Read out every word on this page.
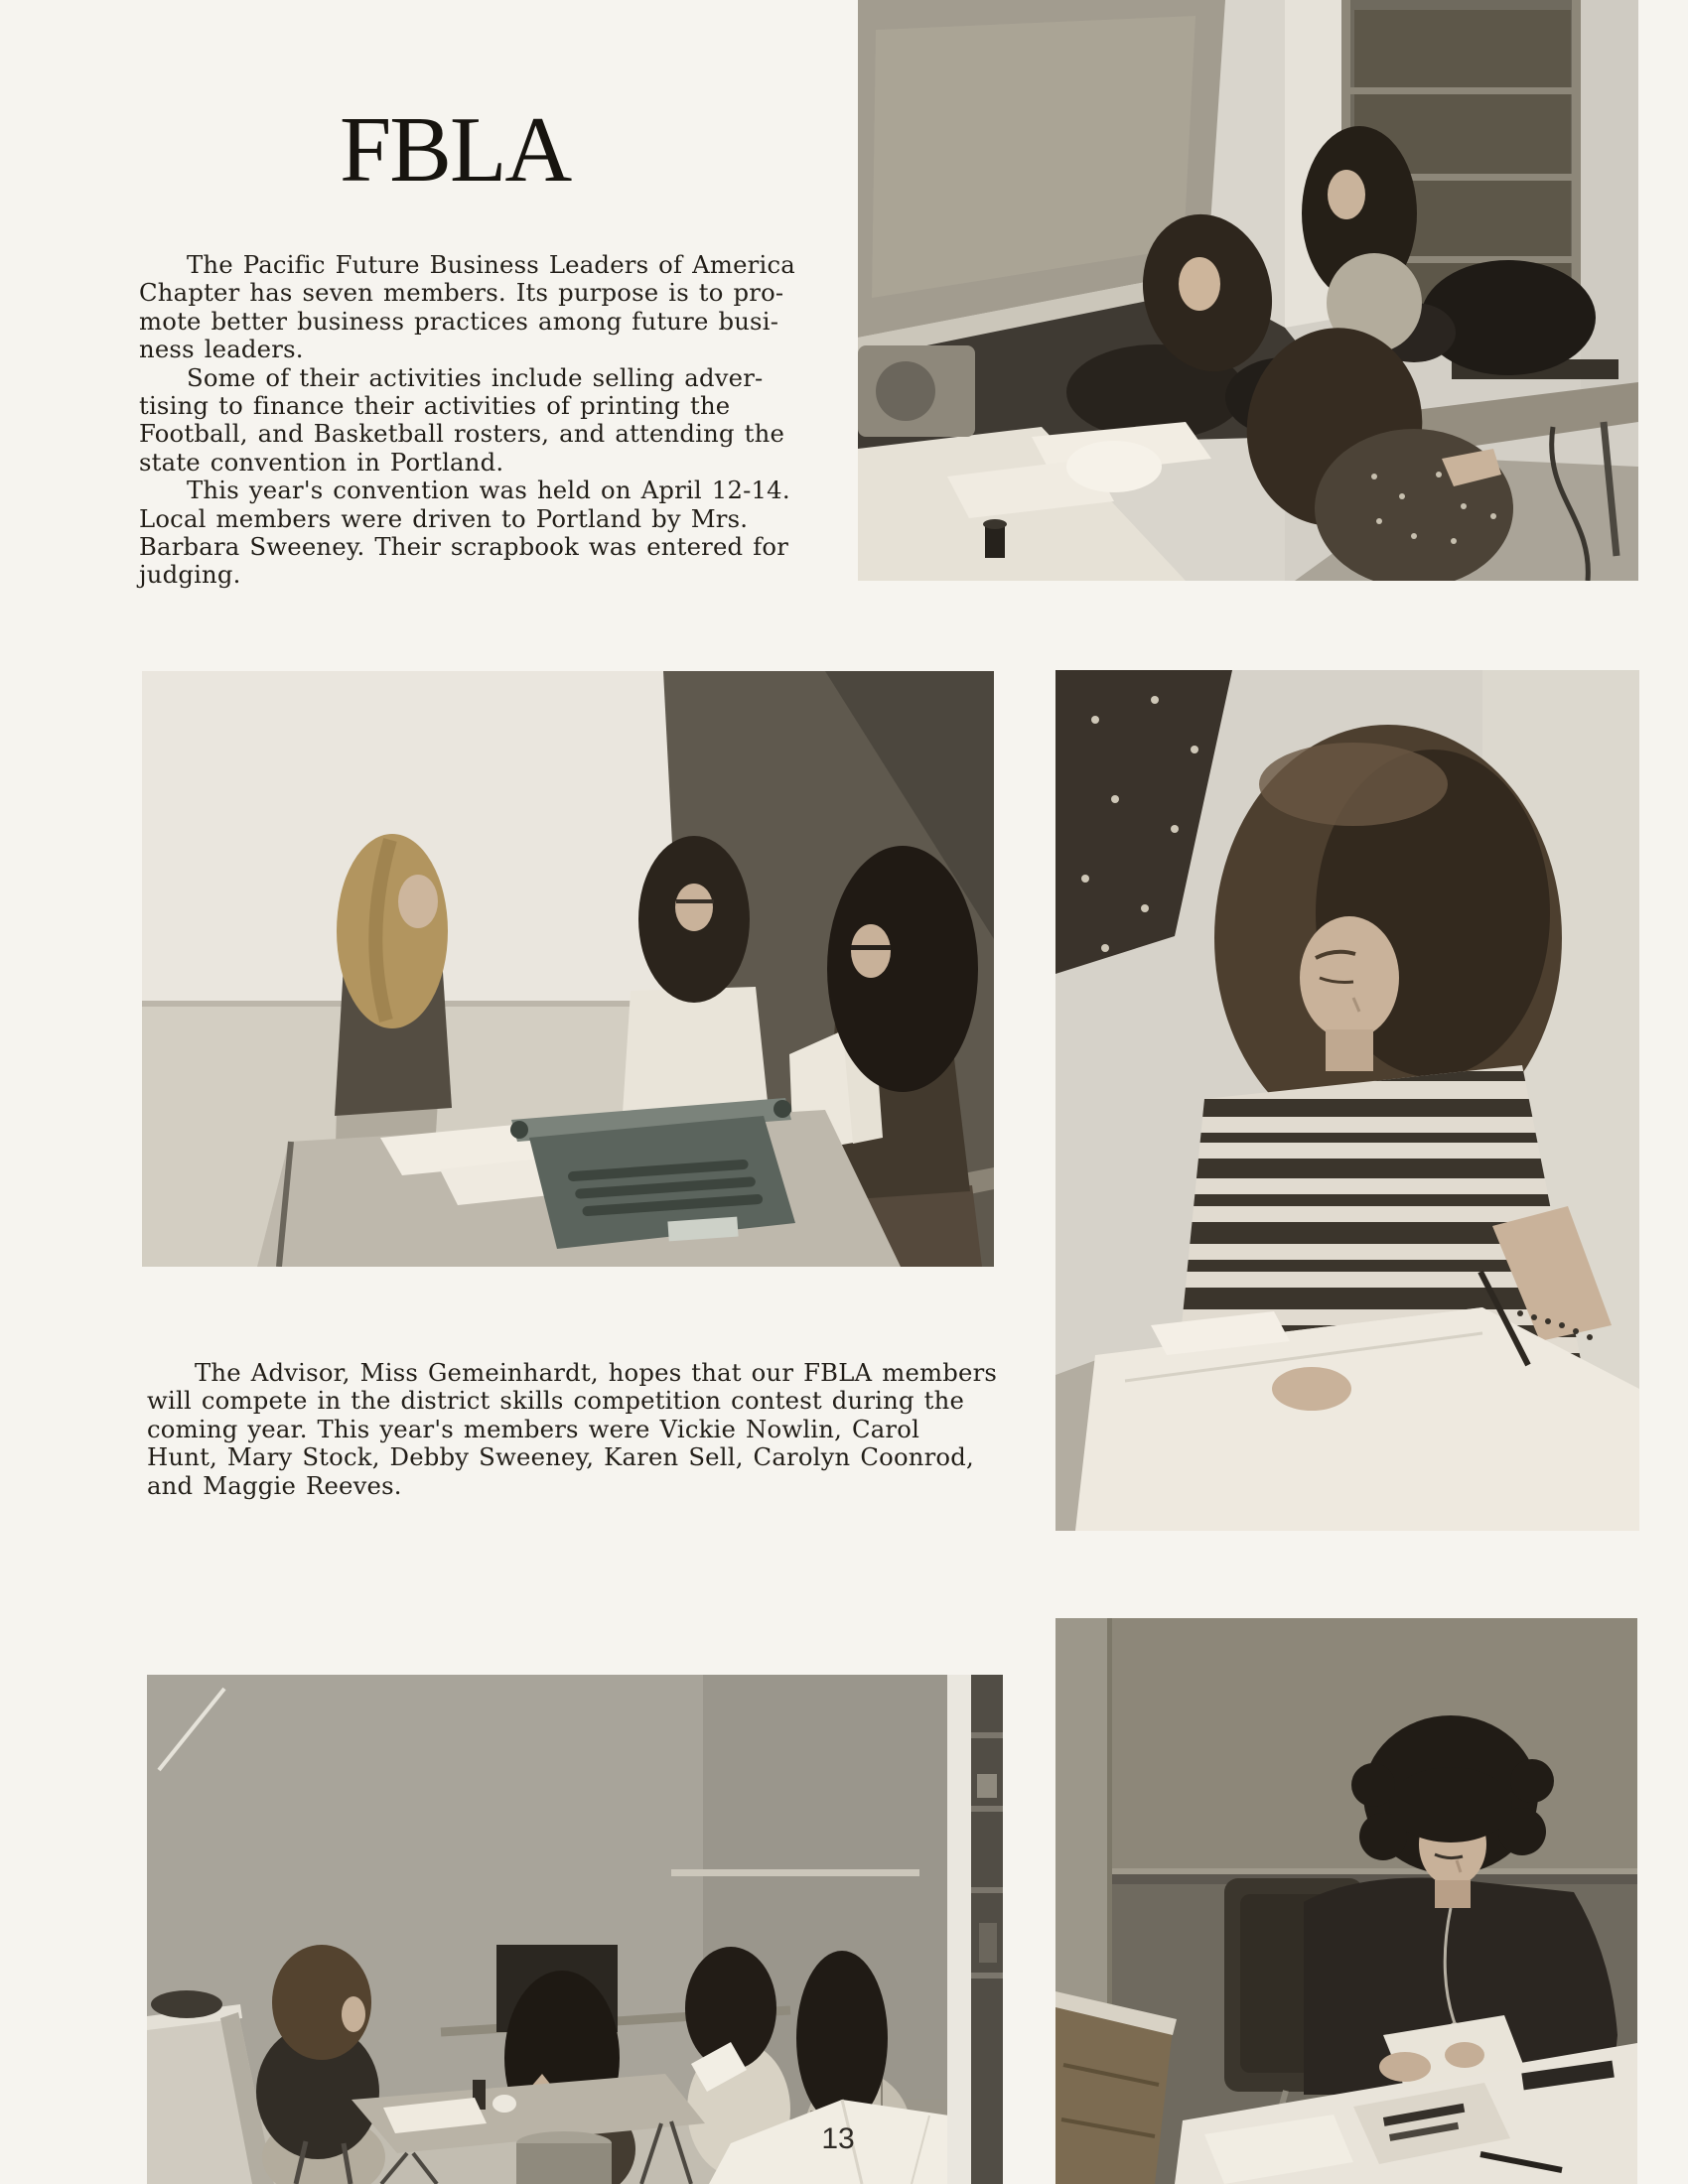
FBLA
The Pacific Future Business Leaders of America
Chapter has seven members. Its purpose is to pro-
mote better business practices among future busi-
ness leaders.
Some of their activities include selling adver-
tising to finance their activities of printing the
Football, and Basketball rosters, and attending the
state convention in Portland.
This year's convention was held on April 12-14.
Local members were driven to Portland by Mrs.
Barbara Sweeney. Their scrapbook was entered for
judging.
The Advisor, Miss Gemeinhardt, hopes that our FBLA members
will compete in the district skills competition contest during the
coming year. This year's members were Vickie Nowlin, Carol
Hunt, Mary Stock, Debby Sweeney, Karen Sell, Carolyn Coonrod,
and Maggie Reeves.
13
